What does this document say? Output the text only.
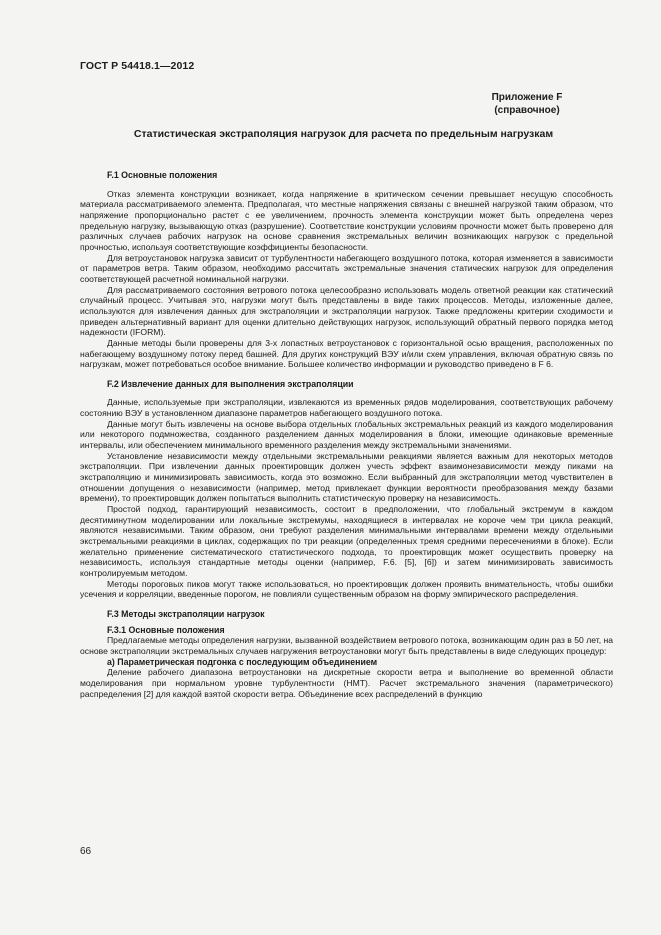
ГОСТ Р 54418.1—2012
Приложение F
(справочное)
Статистическая экстраполяция нагрузок для расчета по предельным нагрузкам

F.1 Основные положения

Отказ элемента конструкции возникает, когда напряжение в критическом сечении превышает несущую способность материала рассматриваемого элемента. Предполагая, что местные напряжения связаны с внешней нагрузкой таким образом, что напряжение пропорционально растет с ее увеличением, прочность элемента конструкции может быть определена через предельную нагрузку, вызывающую отказ (разрушение). Соответствие конструкции условиям прочности может быть проверено для различных случаев рабочих нагрузок на основе сравнения экстремальных величин возникающих нагрузок с предельной прочностью, используя соответствующие коэффициенты безопасности.

Для ветроустановок нагрузка зависит от турбулентности набегающего воздушного потока, которая изменяется в зависимости от параметров ветра. Таким образом, необходимо рассчитать экстремальные значения статических нагрузок для определения соответствующей расчетной номинальной нагрузки.

Для рассматриваемого состояния ветрового потока целесообразно использовать модель ответной реакции как статический случайный процесс. Учитывая это, нагрузки могут быть представлены в виде таких процессов. Методы, изложенные далее, используются для извлечения данных для экстраполяции и экстраполяции нагрузок. Также предложены критерии сходимости и приведен альтернативный вариант для оценки длительно действующих нагрузок, использующий обратный первого порядка метод надежности (IFORM).

Данные методы были проверены для 3-х лопастных ветроустановок с горизонтальной осью вращения, расположенных по набегающему воздушному потоку перед башней. Для других конструкций ВЭУ и/или схем управления, включая обратную связь по нагрузкам, может потребоваться особое внимание. Большее количество информации и руководство приведено в F 6.

F.2 Извлечение данных для выполнения экстраполяции

Данные, используемые при экстраполяции, извлекаются из временных рядов моделирования, соответствующих рабочему состоянию ВЭУ в установленном диапазоне параметров набегающего воздушного потока.

Данные могут быть извлечены на основе выбора отдельных глобальных экстремальных реакций из каждого моделирования или некоторого подмножества, созданного разделением данных моделирования в блоки, имеющие одинаковые временные интервалы, или обеспечением минимального временного разделения между экстремальными значениями.

Установление независимости между отдельными экстремальными реакциями является важным для некоторых методов экстраполяции. При извлечении данных проектировщик должен учесть эффект взаимонезависимости между пиками на экстраполяцию и минимизировать зависимость, когда это возможно. Если выбранный для экстраполяции метод чувствителен в отношении допущения о независимости (например, метод привлекает функции вероятности преобразования между базами времени), то проектировщик должен попытаться выполнить статистическую проверку на независимость.

Простой подход, гарантирующий независимость, состоит в предположении, что глобальный экстремум в каждом десятиминутном моделировании или локальные экстремумы, находящиеся в интервалах не короче чем три цикла реакций, являются независимыми. Таким образом, они требуют разделения минимальными интервалами времени между отдельными экстремальными реакциями в циклах, содержащих по три реакции (определенных тремя средними пересечениями в блоке). Если желательно применение систематического статистического подхода, то проектировщик может осуществить проверку на независимость, используя стандартные методы оценки (например, F.6. [5], [6]) и затем минимизировать зависимость контролируемым методом.

Методы пороговых пиков могут также использоваться, но проектировщик должен проявить внимательность, чтобы ошибки усечения и корреляции, введенные порогом, не повлияли существенным образом на форму эмпирического распределения.

F.3 Методы экстраполяции нагрузок

F.3.1 Основные положения

Предлагаемые методы определения нагрузки, вызванной воздействием ветрового потока, возникающим один раз в 50 лет, на основе экстраполяции экстремальных случаев нагружения ветроустановки могут быть представлены в виде следующих процедур:

а) Параметрическая подгонка с последующим объединением

Деление рабочего диапазона ветроустановки на дискретные скорости ветра и выполнение во временной области моделирования при нормальном уровне турбулентности (НМТ). Расчет экстремального значения (параметрического) распределения [2] для каждой взятой скорости ветра. Объединение всех распределений в функцию

66
